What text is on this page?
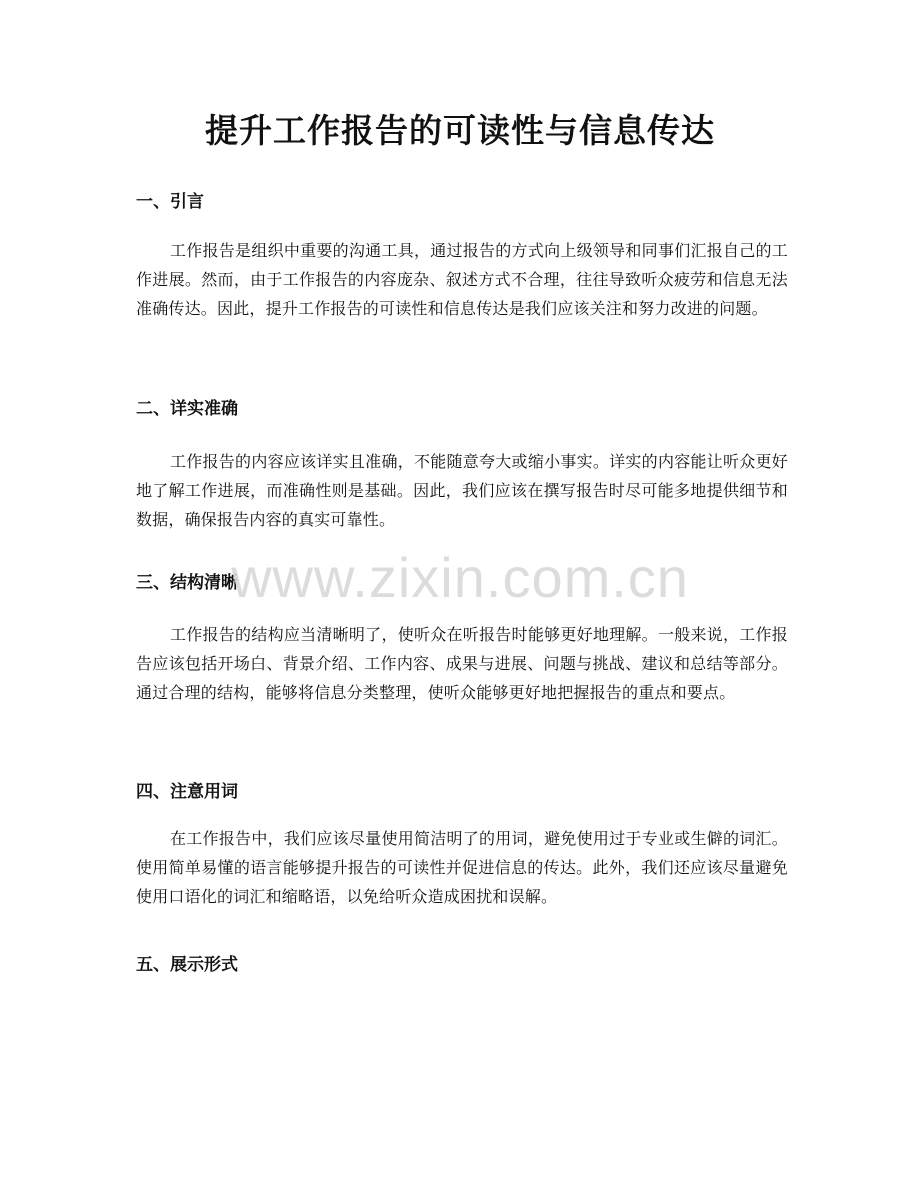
提升工作报告的可读性与信息传达
一、引言

工作报告是组织中重要的沟通工具，通过报告的方式向上级领导和同事们汇报自己的工作进展。然而，由于工作报告的内容庞杂、叙述方式不合理，往往导致听众疲劳和信息无法准确传达。因此，提升工作报告的可读性和信息传达是我们应该关注和努力改进的问题。

二、详实准确

工作报告的内容应该详实且准确，不能随意夸大或缩小事实。详实的内容能让听众更好地了解工作进展，而准确性则是基础。因此，我们应该在撰写报告时尽可能多地提供细节和数据，确保报告内容的真实可靠性。

三、结构清晰

工作报告的结构应当清晰明了，使听众在听报告时能够更好地理解。一般来说，工作报告应该包括开场白、背景介绍、工作内容、成果与进展、问题与挑战、建议和总结等部分。通过合理的结构，能够将信息分类整理，使听众能够更好地把握报告的重点和要点。

四、注意用词

在工作报告中，我们应该尽量使用简洁明了的用词，避免使用过于专业或生僻的词汇。使用简单易懂的语言能够提升报告的可读性并促进信息的传达。此外，我们还应该尽量避免使用口语化的词汇和缩略语，以免给听众造成困扰和误解。

五、展示形式
www.zixin.com.cn
